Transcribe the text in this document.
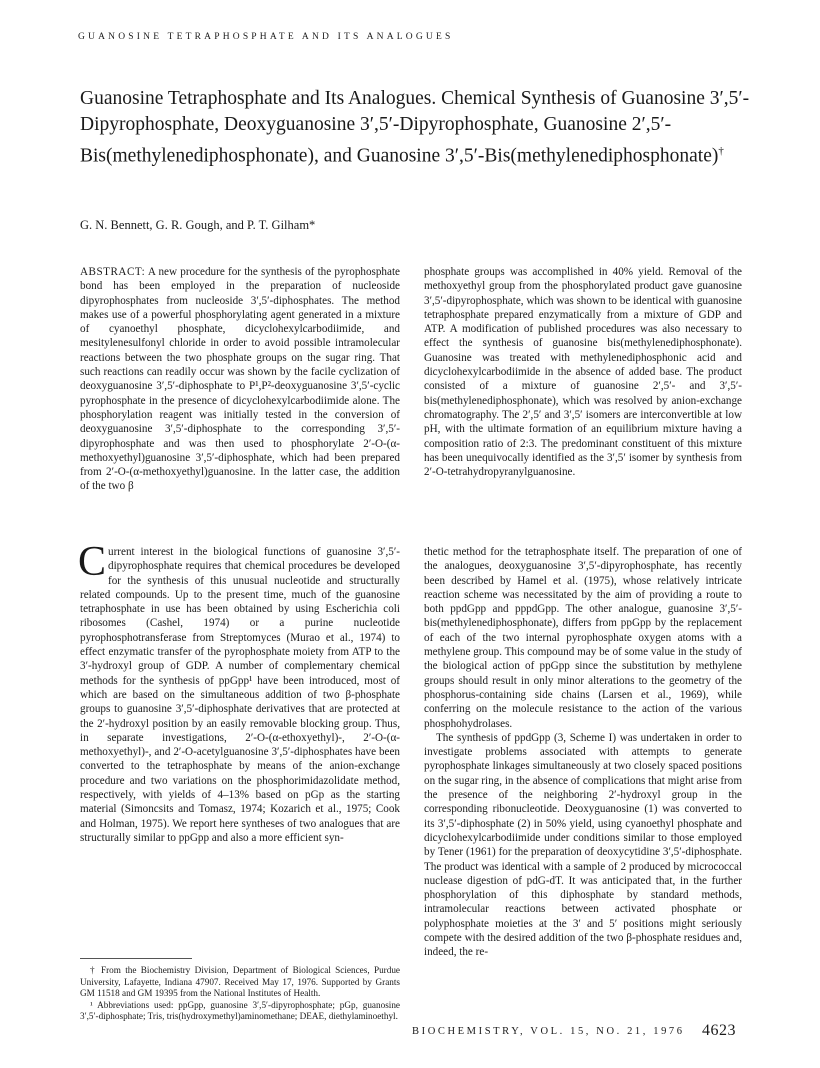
GUANOSINE TETRAPHOSPHATE AND ITS ANALOGUES
Guanosine Tetraphosphate and Its Analogues. Chemical Synthesis of Guanosine 3′,5′-Dipyrophosphate, Deoxyguanosine 3′,5′-Dipyrophosphate, Guanosine 2′,5′-Bis(methylenediphosphonate), and Guanosine 3′,5′-Bis(methylenediphosphonate)†
G. N. Bennett, G. R. Gough, and P. T. Gilham*

ABSTRACT: A new procedure for the synthesis of the pyrophosphate bond has been employed in the preparation of nucleoside dipyrophosphates from nucleoside 3′,5′-diphosphates. The method makes use of a powerful phosphorylating agent generated in a mixture of cyanoethyl phosphate, dicyclohexylcarbodiimide, and mesitylenesulfonyl chloride in order to avoid possible intramolecular reactions between the two phosphate groups on the sugar ring. That such reactions can readily occur was shown by the facile cyclization of deoxyguanosine 3′,5′-diphosphate to P¹,P²-deoxyguanosine 3′,5′-cyclic pyrophosphate in the presence of dicyclohexylcarbodiimide alone. The phosphorylation reagent was initially tested in the conversion of deoxyguanosine 3′,5′-diphosphate to the corresponding 3′,5′-dipyrophosphate and was then used to phosphorylate 2′-O-(α-methoxyethyl)guanosine 3′,5′-diphosphate, which had been prepared from 2′-O-(α-methoxyethyl)guanosine. In the latter case, the addition of the two β

phosphate groups was accomplished in 40% yield. Removal of the methoxyethyl group from the phosphorylated product gave guanosine 3′,5′-dipyrophosphate, which was shown to be identical with guanosine tetraphosphate prepared enzymatically from a mixture of GDP and ATP. A modification of published procedures was also necessary to effect the synthesis of guanosine bis(methylenediphosphonate). Guanosine was treated with methylenediphosphonic acid and dicyclohexylcarbodiimide in the absence of added base. The product consisted of a mixture of guanosine 2′,5′- and 3′,5′-bis(methylenediphosphonate), which was resolved by anion-exchange chromatography. The 2′,5′ and 3′,5′ isomers are interconvertible at low pH, with the ultimate formation of an equilibrium mixture having a composition ratio of 2:3. The predominant constituent of this mixture has been unequivocally identified as the 3′,5′ isomer by synthesis from 2′-O-tetrahydropyranylguanosine.

Current interest in the biological functions of guanosine 3′,5′-dipyrophosphate requires that chemical procedures be developed for the synthesis of this unusual nucleotide and structurally related compounds. Up to the present time, much of the guanosine tetraphosphate in use has been obtained by using Escherichia coli ribosomes (Cashel, 1974) or a purine nucleotide pyrophosphotransferase from Streptomyces (Murao et al., 1974) to effect enzymatic transfer of the pyrophosphate moiety from ATP to the 3′-hydroxyl group of GDP. A number of complementary chemical methods for the synthesis of ppGpp¹ have been introduced, most of which are based on the simultaneous addition of two β-phosphate groups to guanosine 3′,5′-diphosphate derivatives that are protected at the 2′-hydroxyl position by an easily removable blocking group. Thus, in separate investigations, 2′-O-(α-ethoxyethyl)-, 2′-O-(α-methoxyethyl)-, and 2′-O-acetylguanosine 3′,5′-diphosphates have been converted to the tetraphosphate by means of the anion-exchange procedure and two variations on the phosphorimidazolidate method, respectively, with yields of 4–13% based on pGp as the starting material (Simoncsits and Tomasz, 1974; Kozarich et al., 1975; Cook and Holman, 1975). We report here syntheses of two analogues that are structurally similar to ppGpp and also a more efficient syn-

thetic method for the tetraphosphate itself. The preparation of one of the analogues, deoxyguanosine 3′,5′-dipyrophosphate, has recently been described by Hamel et al. (1975), whose relatively intricate reaction scheme was necessitated by the aim of providing a route to both ppdGpp and pppdGpp. The other analogue, guanosine 3′,5′-bis(methylenediphosphonate), differs from ppGpp by the replacement of each of the two internal pyrophosphate oxygen atoms with a methylene group. This compound may be of some value in the study of the biological action of ppGpp since the substitution by methylene groups should result in only minor alterations to the geometry of the phosphorus-containing side chains (Larsen et al., 1969), while conferring on the molecule resistance to the action of the various phosphohydrolases.

The synthesis of ppdGpp (3, Scheme I) was undertaken in order to investigate problems associated with attempts to generate pyrophosphate linkages simultaneously at two closely spaced positions on the sugar ring, in the absence of complications that might arise from the presence of the neighboring 2′-hydroxyl group in the corresponding ribonucleotide. Deoxyguanosine (1) was converted to its 3′,5′-diphosphate (2) in 50% yield, using cyanoethyl phosphate and dicyclohexylcarbodiimide under conditions similar to those employed by Tener (1961) for the preparation of deoxycytidine 3′,5′-diphosphate. The product was identical with a sample of 2 produced by micrococcal nuclease digestion of pdG-dT. It was anticipated that, in the further phosphorylation of this diphosphate by standard methods, intramolecular reactions between activated phosphate or polyphosphate moieties at the 3′ and 5′ positions might seriously compete with the desired addition of the two β-phosphate residues and, indeed, the re-

† From the Biochemistry Division, Department of Biological Sciences, Purdue University, Lafayette, Indiana 47907. Received May 17, 1976. Supported by Grants GM 11518 and GM 19395 from the National Institutes of Health.

¹ Abbreviations used: ppGpp, guanosine 3′,5′-dipyrophosphate; pGp, guanosine 3′,5′-diphosphate; Tris, tris(hydroxymethyl)aminomethane; DEAE, diethylaminoethyl.

BIOCHEMISTRY, VOL. 15, NO. 21, 1976 4623
